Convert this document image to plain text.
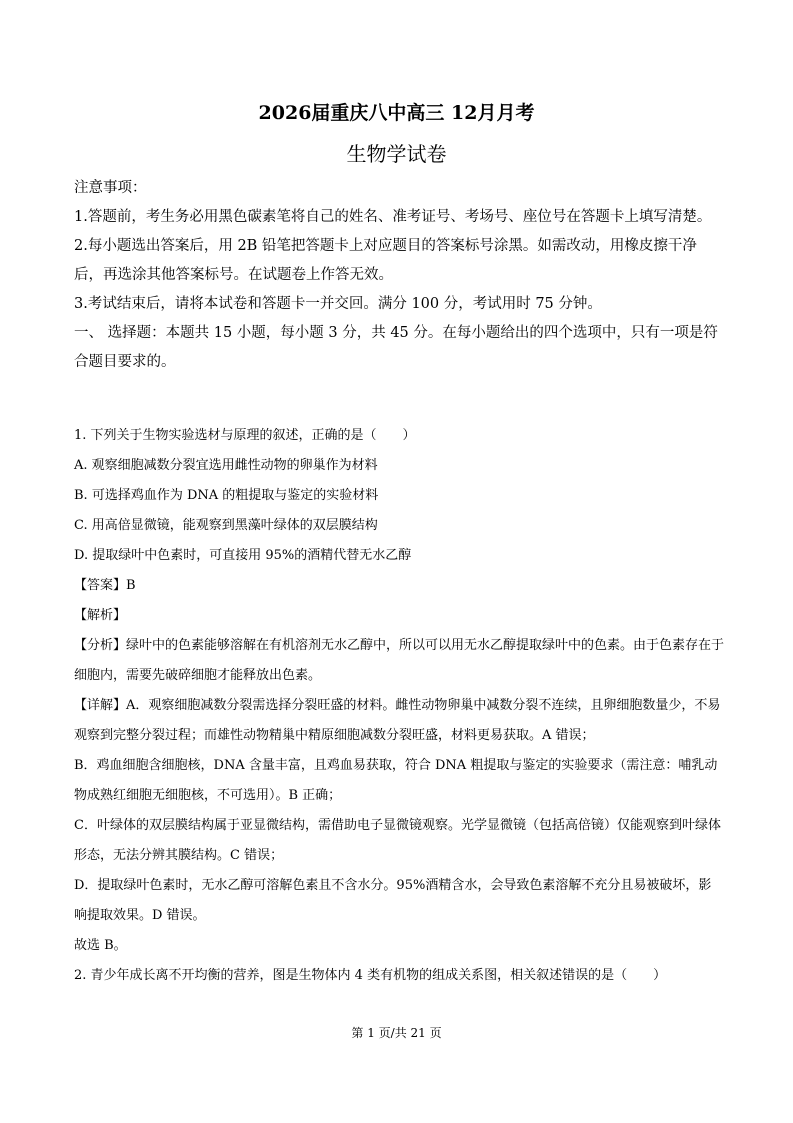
2026届重庆八中高三 12月月考
生物学试卷

注意事项：

1.答题前，考生务必用黑色碳素笔将自己的姓名、准考证号、考场号、座位号在答题卡上填写清楚。

2.每小题选出答案后，用 2B 铅笔把答题卡上对应题目的答案标号涂黑。如需改动，用橡皮擦干净后，再选涂其他答案标号。在试题卷上作答无效。

3.考试结束后，请将本试卷和答题卡一并交回。满分 100 分，考试用时 75 分钟。

一、 选择题：本题共 15 小题，每小题 3 分，共 45 分。在每小题给出的四个选项中，只有一项是符合题目要求的。

1. 下列关于生物实验选材与原理的叙述，正确的是（　　）

A. 观察细胞减数分裂宜选用雌性动物的卵巢作为材料

B. 可选择鸡血作为 DNA 的粗提取与鉴定的实验材料

C. 用高倍显微镜，能观察到黑藻叶绿体的双层膜结构

D. 提取绿叶中色素时，可直接用 95%的酒精代替无水乙醇

【答案】B

【解析】

【分析】绿叶中的色素能够溶解在有机溶剂无水乙醇中，所以可以用无水乙醇提取绿叶中的色素。由于色素存在于细胞内，需要先破碎细胞才能释放出色素。

【详解】A．观察细胞减数分裂需选择分裂旺盛的材料。雌性动物卵巢中减数分裂不连续，且卵细胞数量少，不易观察到完整分裂过程；而雄性动物精巢中精原细胞减数分裂旺盛，材料更易获取。A 错误；

B．鸡血细胞含细胞核，DNA 含量丰富，且鸡血易获取，符合 DNA 粗提取与鉴定的实验要求（需注意：哺乳动物成熟红细胞无细胞核，不可选用）。B 正确；

C．叶绿体的双层膜结构属于亚显微结构，需借助电子显微镜观察。光学显微镜（包括高倍镜）仅能观察到叶绿体形态，无法分辨其膜结构。C 错误；

D．提取绿叶色素时，无水乙醇可溶解色素且不含水分。95%酒精含水，会导致色素溶解不充分且易被破坏，影响提取效果。D 错误。

故选 B。

2. 青少年成长离不开均衡的营养，图是生物体内 4 类有机物的组成关系图，相关叙述错误的是（　　）

第 1 页/共 21 页
